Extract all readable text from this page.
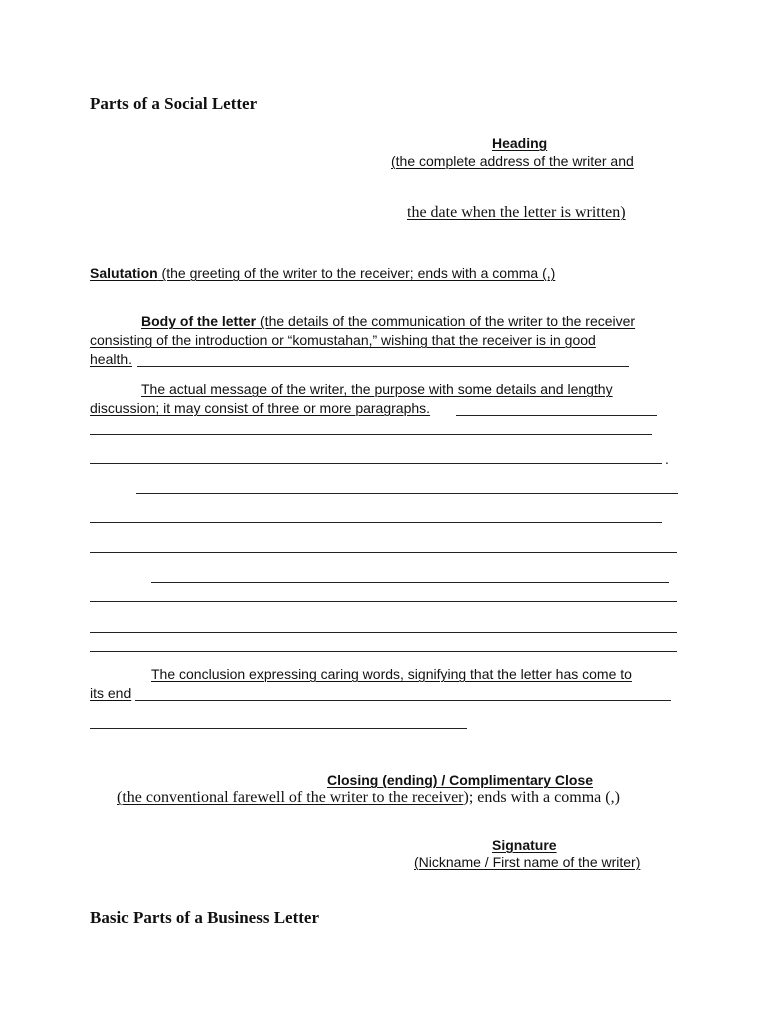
Parts of a Social Letter
Heading
(the complete address of the writer and
the date when the letter is written)
Salutation (the greeting of the writer to the receiver; ends with a comma (,)
Body of the letter (the details of the communication of the writer to the receiver
consisting of the introduction or “komustahan,” wishing that the receiver is in good
health.
The actual message of the writer, the purpose with some details and lengthy
discussion; it may consist of three or more paragraphs.
.
The conclusion expressing caring words, signifying that the letter has come to
its end
Closing (ending) / Complimentary Close
(the conventional farewell of the writer to the receiver); ends with a comma (,)
Signature
(Nickname / First name of the writer)
Basic Parts of a Business Letter
